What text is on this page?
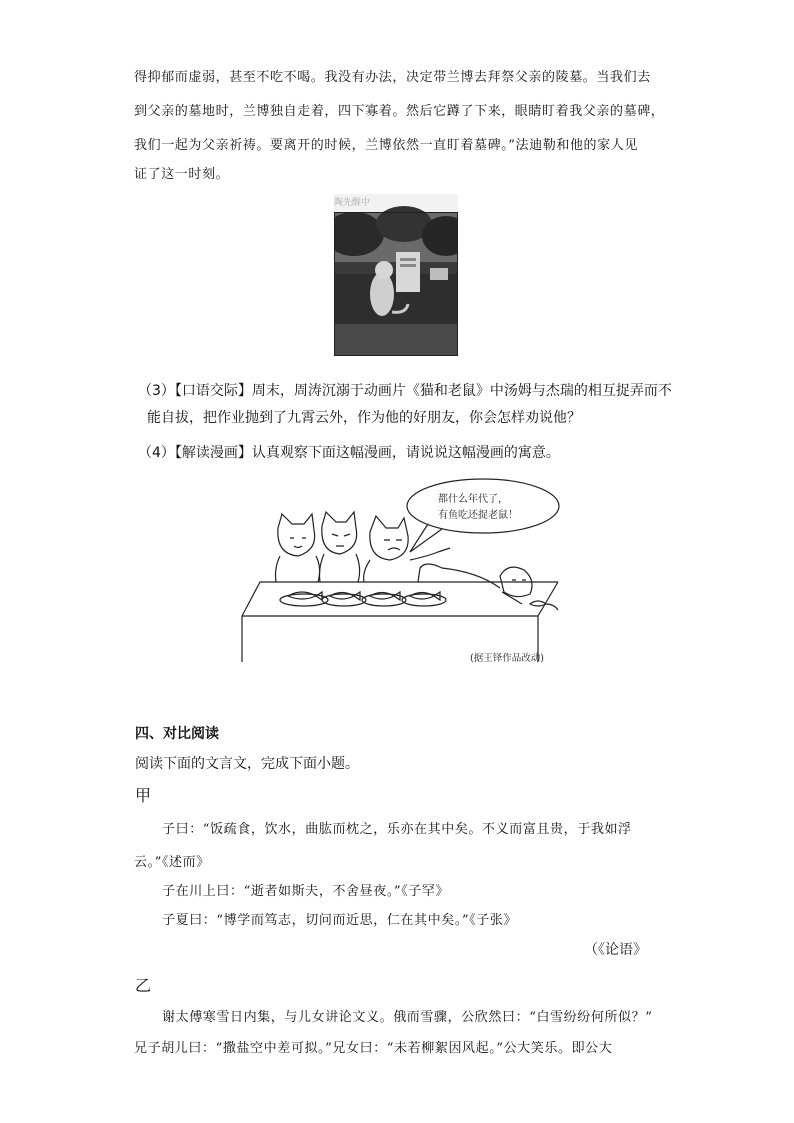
得抑郁而虚弱，甚至不吃不喝。我没有办法，决定带兰博去拜祭父亲的陵墓。当我们去
到父亲的墓地时，兰博独自走着，四下寡着。然后它蹲了下来，眼睛盯着我父亲的墓碑，
我们一起为父亲祈祷。要离开的时候，兰博依然一直盯着墓碑。”法迪勒和他的家人见
证了这一时刻。
陶先醒中
（3）【口语交际】周末，周涛沉溺于动画片《猫和老鼠》中汤姆与杰瑞的相互捉弄而不
能自拔，把作业抛到了九霄云外，作为他的好朋友，你会怎样劝说他？
（4）【解读漫画】认真观察下面这幅漫画，请说说这幅漫画的寓意。
都什么年代了，
有鱼吃还捉老鼠！
(据王铎作品改动)
四、对比阅读
阅读下面的文言文，完成下面小题。
甲
子曰：“饭疏食，饮水，曲肱而枕之，乐亦在其中矣。不义而富且贵，于我如浮
云。”《述而》
子在川上曰：“逝者如斯夫，不舍昼夜。”《子罕》
子夏曰：“博学而笃志，切问而近思，仁在其中矣。”《子张》
（《论语》
乙
谢太傅寒雪日内集，与儿女讲论文义。俄而雪骤，公欣然曰：“白雪纷纷何所似？”
兄子胡儿曰：“撒盐空中差可拟。”兄女曰：“未若柳絮因风起。”公大笑乐。即公大
